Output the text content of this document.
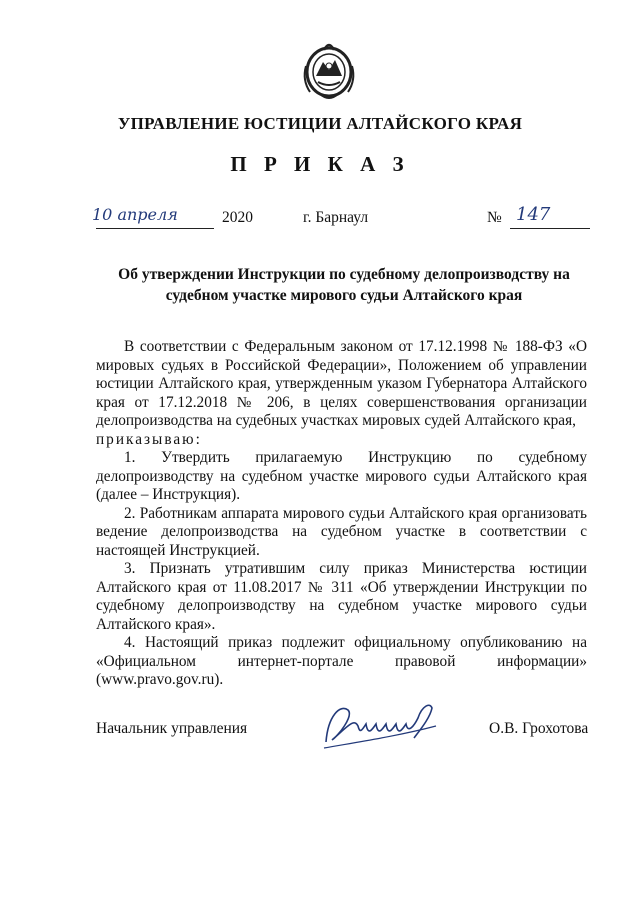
УПРАВЛЕНИЕ ЮСТИЦИИ АЛТАЙСКОГО КРАЯ
П Р И К А З
10 апреля	2020	г. Барнаул	№ 147
Об утверждении Инструкции по судебному делопроизводству на судебном участке мирового судьи Алтайского края

В соответствии с Федеральным законом от 17.12.1998 № 188-ФЗ «О мировых судьях в Российской Федерации», Положением об управлении юстиции Алтайского края, утвержденным указом Губернатора Алтайского края от 17.12.2018 № 206, в целях совершенствования организации делопроизводства на судебных участках мировых судей Алтайского края,

приказываю:

1. Утвердить прилагаемую Инструкцию по судебному делопроизводству на судебном участке мирового судьи Алтайского края (далее – Инструкция).

2. Работникам аппарата мирового судьи Алтайского края организовать ведение делопроизводства на судебном участке в соответствии с настоящей Инструкцией.

3. Признать утратившим силу приказ Министерства юстиции Алтайского края от 11.08.2017 № 311 «Об утверждении Инструкции по судебному делопроизводству на судебном участке мирового судьи Алтайского края».

4. Настоящий приказ подлежит официальному опубликованию на «Официальном интернет-портале правовой информации» (www.pravo.gov.ru).

Начальник управления	О.В. Грохотова
